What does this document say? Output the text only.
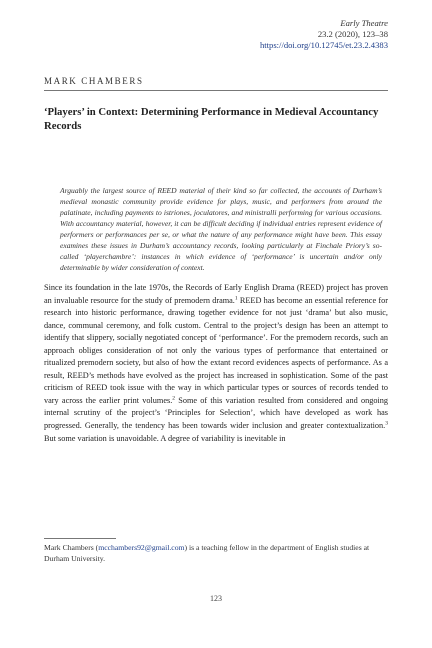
Early Theatre
23.2 (2020), 123–38
https://doi.org/10.12745/et.23.2.4383
MARK CHAMBERS
‘Players’ in Context: Determining Performance in Medieval Accountancy Records
Arguably the largest source of REED material of their kind so far collected, the accounts of Durham’s medieval monastic community provide evidence for plays, music, and performers from around the palatinate, including payments to istriones, joculatores, and ministralli performing for various occasions. With accountancy material, however, it can be difficult deciding if individual entries represent evidence of performers or performances per se, or what the nature of any performance might have been. This essay examines these issues in Durham’s accountancy records, looking particularly at Finchale Priory’s so-called ‘playerchambre’: instances in which evidence of ‘performance’ is uncertain and/or only determinable by wider consideration of context.

Since its foundation in the late 1970s, the Records of Early English Drama (REED) project has proven an invaluable resource for the study of premodern drama.$^1$ REED has become an essential reference for research into historic performance, drawing together evidence for not just ‘drama’ but also music, dance, communal ceremony, and folk custom. Central to the project’s design has been an attempt to identify that slippery, socially negotiated concept of ‘performance’. For the premodern records, such an approach obliges consideration of not only the various types of performance that entertained or ritualized premodern society, but also of how the extant record evidences aspects of performance. As a result, REED’s methods have evolved as the project has increased in sophistication. Some of the past criticism of REED took issue with the way in which particular types or sources of records tended to vary across the earlier print volumes.$^2$ Some of this variation resulted from considered and ongoing internal scrutiny of the project’s ‘Principles for Selection’, which have developed as work has progressed. Generally, the tendency has been towards wider inclusion and greater contextualization.$^3$ But some variation is unavoidable. A degree of variability is inevitable in

Mark Chambers (mcchambers92@gmail.com) is a teaching fellow in the department of English studies at Durham University.
123
